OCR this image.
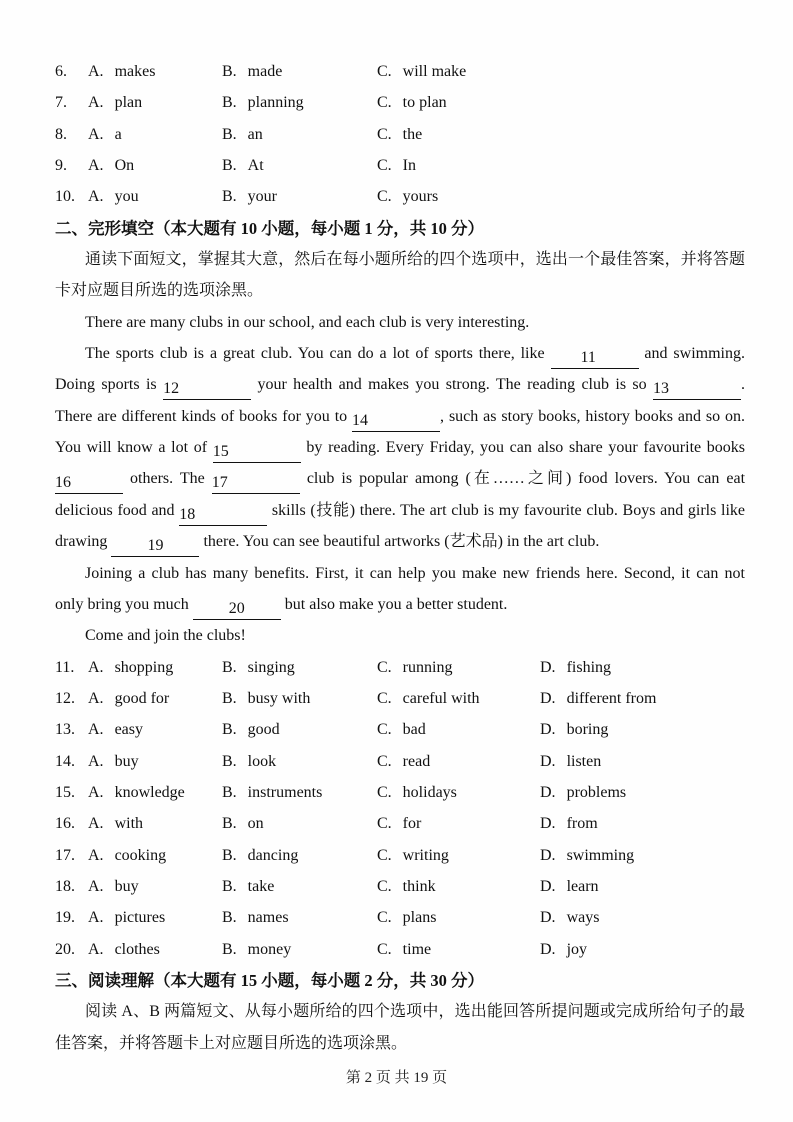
6.	A. makes	B. made	C. will make
7.	A. plan	B. planning	C. to plan
8.	A. a	B. an	C. the
9.	A. On	B. At	C. In
10. A. you	B. your	C. yours
二、完形填空（本大题有 10 小题，每小题 1 分，共 10 分）
通读下面短文，掌握其大意，然后在每小题所给的四个选项中，选出一个最佳答案，并将答题
卡对应题目所选的选项涂黑。
There are many clubs in our school, and each club is very interesting.
The sports club is a great club. You can do a lot of sports there, like 11	and swimming.
Doing sports is 12	your health and makes you strong. The reading club is so 13	.
There are different kinds of books for you to 14	, such as story books, history books and so on.
You will know a lot of 15	by reading. Every Friday, you can also share your favourite books
16	others. The 17	club is popular among (在……之间) food lovers. You can eat
delicious food and 18	skills (技能) there. The art club is my favourite club. Boys and girls like
drawing	19	there. You can see beautiful artworks (艺术品) in the art club.
Joining a club has many benefits. First, it can help you make new friends here. Second, it can not
only bring you much	20	but also make you a better student.
Come and join the clubs!
11. A. shopping	B. singing	C. running	D. fishing
12. A. good for	B. busy with	C. careful with	D. different from
13. A. easy	B. good	C. bad	D. boring
14. A. buy	B. look	C. read	D. listen
15. A. knowledge	B. instruments	C. holidays	D. problems
16. A. with	B. on	C. for	D. from
17. A. cooking	B. dancing	C. writing	D. swimming
18. A. buy	B. take	C. think	D. learn
19. A. pictures	B. names	C. plans	D. ways
20. A. clothes	B. money	C. time	D. joy
三、阅读理解（本大题有 15 小题，每小题 2 分，共 30 分）
阅读 A、B 两篇短文、从每小题所给的四个选项中，选出能回答所提问题或完成所给句子的最
佳答案，并将答题卡上对应题目所选的选项涂黑。
第 2 页 共 19 页
